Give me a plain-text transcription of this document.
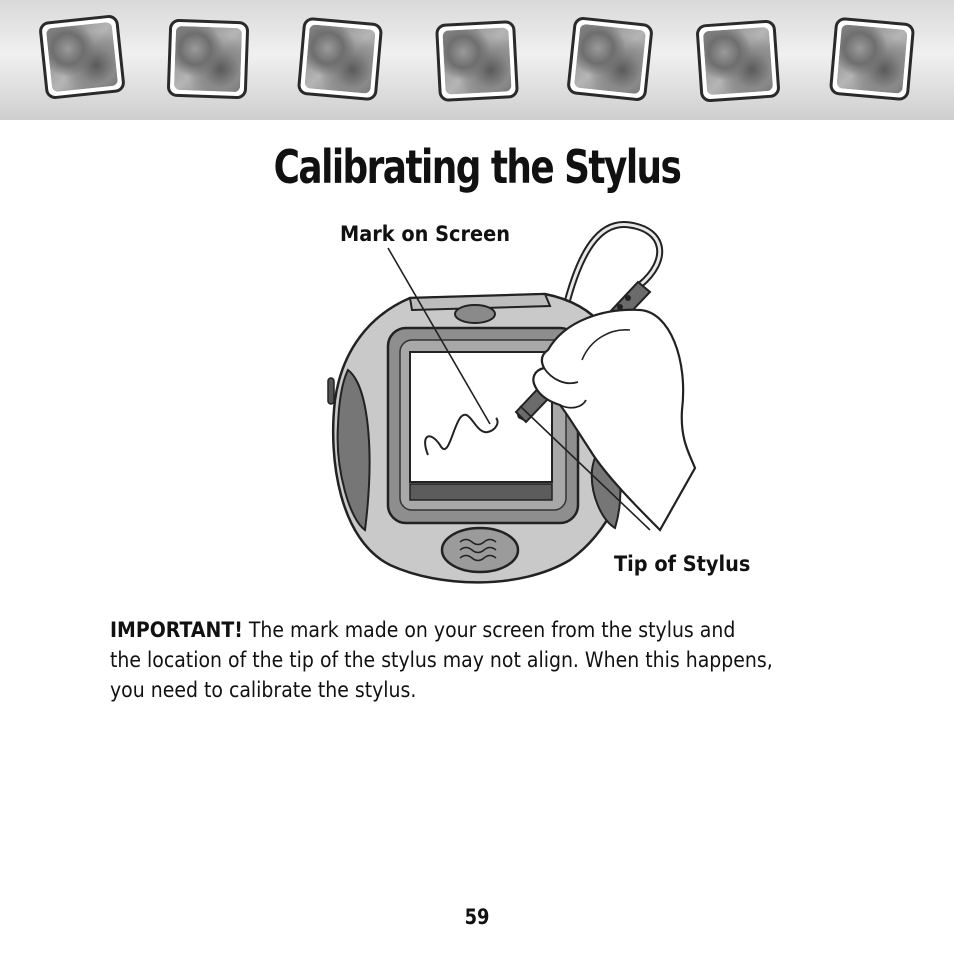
Calibrating the Stylus
Mark on Screen
Tip of Stylus
IMPORTANT! The mark made on your screen from the stylus and
the location of the tip of the stylus may not align. When this happens,
you need to calibrate the stylus.
59
